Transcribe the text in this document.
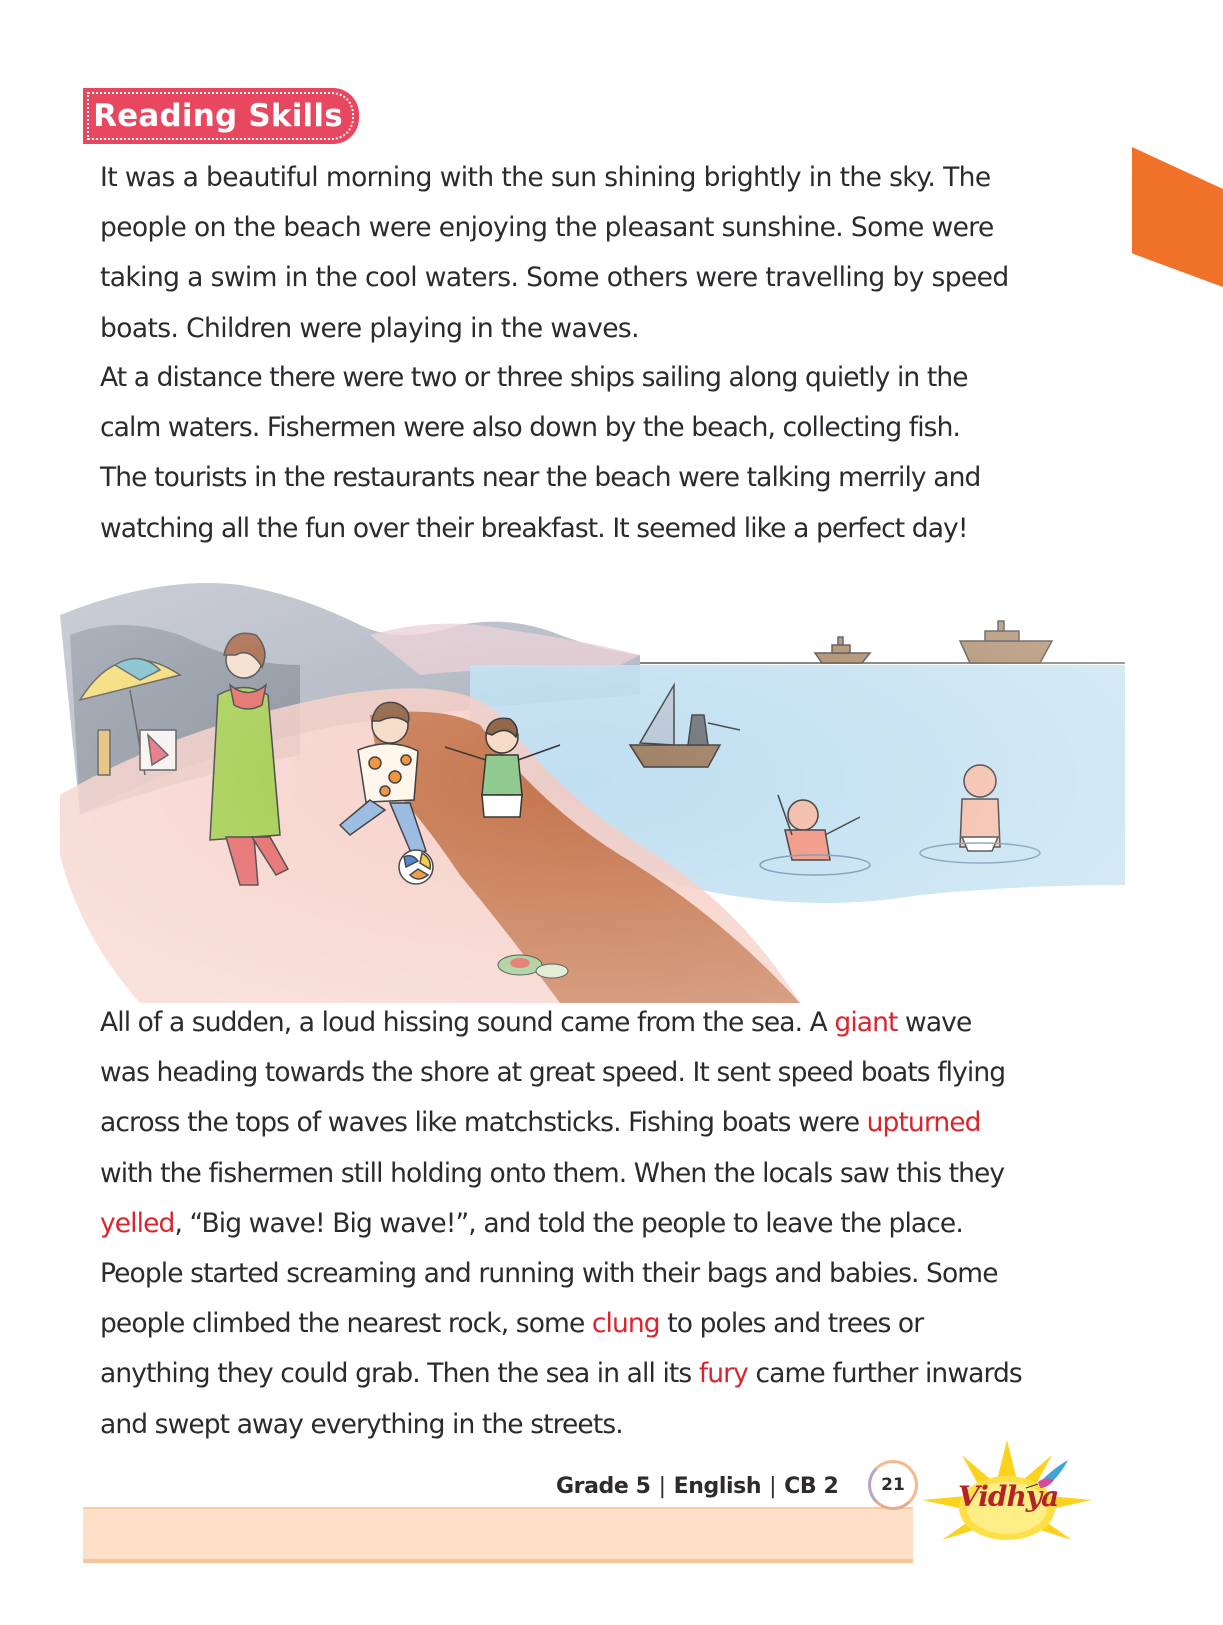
Reading Skills
It was a beautiful morning with the sun shining brightly in the sky. The
people on the beach were enjoying the pleasant sunshine. Some were
taking a swim in the cool waters. Some others were travelling by speed
boats. Children were playing in the waves.
At a distance there were two or three ships sailing along quietly in the
calm waters. Fishermen were also down by the beach, collecting fish.
The tourists in the restaurants near the beach were talking merrily and
watching all the fun over their breakfast. It seemed like a perfect day!
All of a sudden, a loud hissing sound came from the sea. A giant wave
was heading towards the shore at great speed. It sent speed boats flying
across the tops of waves like matchsticks. Fishing boats were upturned
with the fishermen still holding onto them. When the locals saw this they
yelled, “Big wave! Big wave!”, and told the people to leave the place.
People started screaming and running with their bags and babies. Some
people climbed the nearest rock, some clung to poles and trees or
anything they could grab. Then the sea in all its fury came further inwards
and swept away everything in the streets.
Grade 5 | English | CB 2	21 Vidhya
